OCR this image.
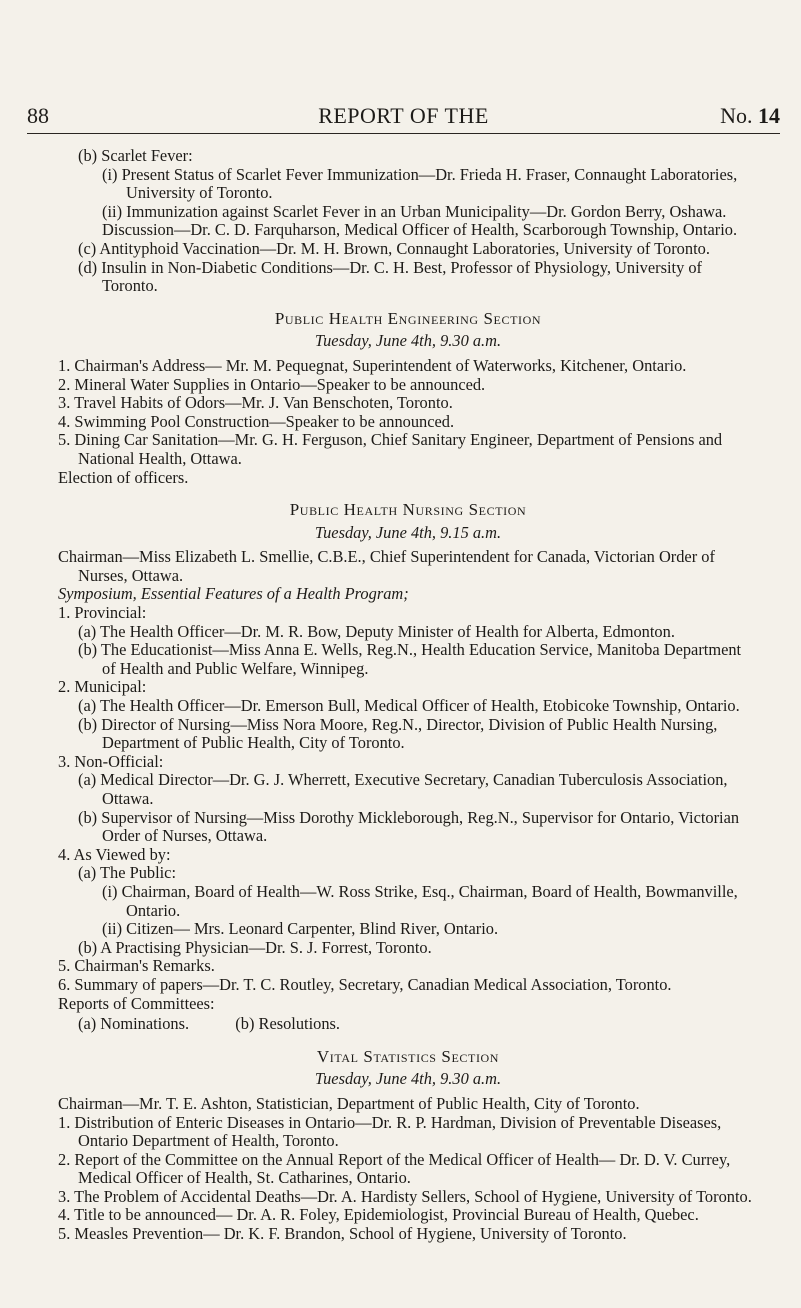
88	REPORT OF THE	No. 14
(b) Scarlet Fever:
(i) Present Status of Scarlet Fever Immunization—Dr. Frieda H. Fraser, Connaught Laboratories, University of Toronto.
(ii) Immunization against Scarlet Fever in an Urban Municipality—Dr. Gordon Berry, Oshawa.
Discussion—Dr. C. D. Farquharson, Medical Officer of Health, Scarborough Township, Ontario.
(c) Antityphoid Vaccination—Dr. M. H. Brown, Connaught Laboratories, University of Toronto.
(d) Insulin in Non-Diabetic Conditions—Dr. C. H. Best, Professor of Physiology, University of Toronto.
Public Health Engineering Section
Tuesday, June 4th, 9.30 a.m.
1. Chairman's Address— Mr. M. Pequegnat, Superintendent of Waterworks, Kitchener, Ontario.
2. Mineral Water Supplies in Ontario—Speaker to be announced.
3. Travel Habits of Odors—Mr. J. Van Benschoten, Toronto.
4. Swimming Pool Construction—Speaker to be announced.
5. Dining Car Sanitation—Mr. G. H. Ferguson, Chief Sanitary Engineer, Department of Pensions and National Health, Ottawa.
Election of officers.
Public Health Nursing Section
Tuesday, June 4th, 9.15 a.m.
Chairman—Miss Elizabeth L. Smellie, C.B.E., Chief Superintendent for Canada, Victorian Order of Nurses, Ottawa.
Symposium, Essential Features of a Health Program;
1. Provincial:
(a) The Health Officer—Dr. M. R. Bow, Deputy Minister of Health for Alberta, Edmonton.
(b) The Educationist—Miss Anna E. Wells, Reg.N., Health Education Service, Manitoba Department of Health and Public Welfare, Winnipeg.
2. Municipal:
(a) The Health Officer—Dr. Emerson Bull, Medical Officer of Health, Etobicoke Township, Ontario.
(b) Director of Nursing—Miss Nora Moore, Reg.N., Director, Division of Public Health Nursing, Department of Public Health, City of Toronto.
3. Non-Official:
(a) Medical Director—Dr. G. J. Wherrett, Executive Secretary, Canadian Tuberculosis Association, Ottawa.
(b) Supervisor of Nursing—Miss Dorothy Mickleborough, Reg.N., Supervisor for Ontario, Victorian Order of Nurses, Ottawa.
4. As Viewed by:
(a) The Public:
(i) Chairman, Board of Health—W. Ross Strike, Esq., Chairman, Board of Health, Bowmanville, Ontario.
(ii) Citizen— Mrs. Leonard Carpenter, Blind River, Ontario.
(b) A Practising Physician—Dr. S. J. Forrest, Toronto.
5. Chairman's Remarks.
6. Summary of papers—Dr. T. C. Routley, Secretary, Canadian Medical Association, Toronto.
Reports of Committees:
(a) Nominations.	(b) Resolutions.
Vital Statistics Section
Tuesday, June 4th, 9.30 a.m.
Chairman—Mr. T. E. Ashton, Statistician, Department of Public Health, City of Toronto.
1. Distribution of Enteric Diseases in Ontario—Dr. R. P. Hardman, Division of Preventable Diseases, Ontario Department of Health, Toronto.
2. Report of the Committee on the Annual Report of the Medical Officer of Health— Dr. D. V. Currey, Medical Officer of Health, St. Catharines, Ontario.
3. The Problem of Accidental Deaths—Dr. A. Hardisty Sellers, School of Hygiene, University of Toronto.
4. Title to be announced— Dr. A. R. Foley, Epidemiologist, Provincial Bureau of Health, Quebec.
5. Measles Prevention— Dr. K. F. Brandon, School of Hygiene, University of Toronto.
